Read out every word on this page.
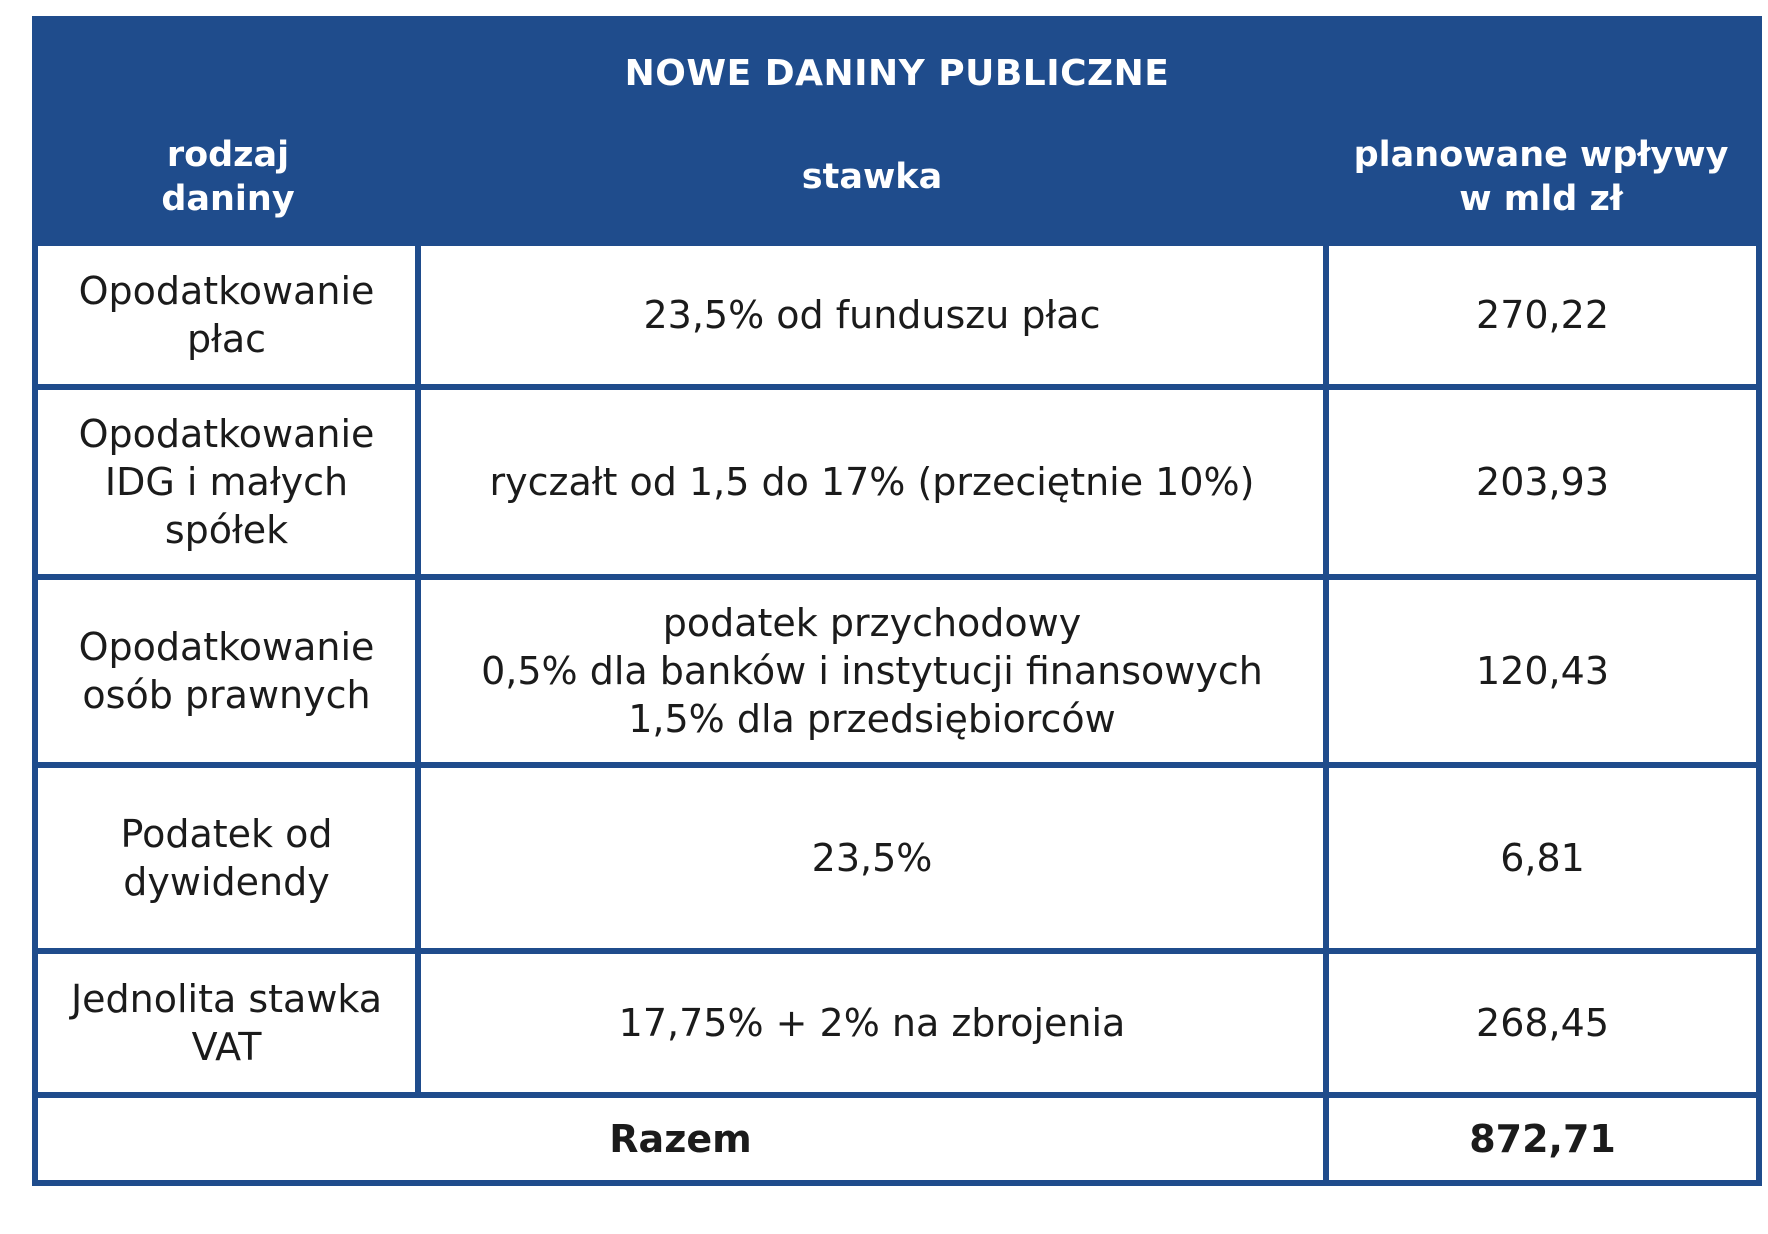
NOWE DANINY PUBLICZNE		

rodzaj
daniny	stawka	planowane wpływy
w mld zł

Opodatkowanie
płac	23,5% od funduszu płac	270,22

Opodatkowanie
IDG i małych
spółek	ryczałt od 1,5 do 17% (przeciętnie 10%)	203,93

Opodatkowanie
osób prawnych	podatek przychodowy
0,5% dla banków i instytucji finansowych
1,5% dla przedsiębiorców	120,43

Podatek od
dywidendy	23,5%	6,81

Jednolita stawka
VAT	17,75% + 2% na zbrojenia	268,45

Razem		872,71
